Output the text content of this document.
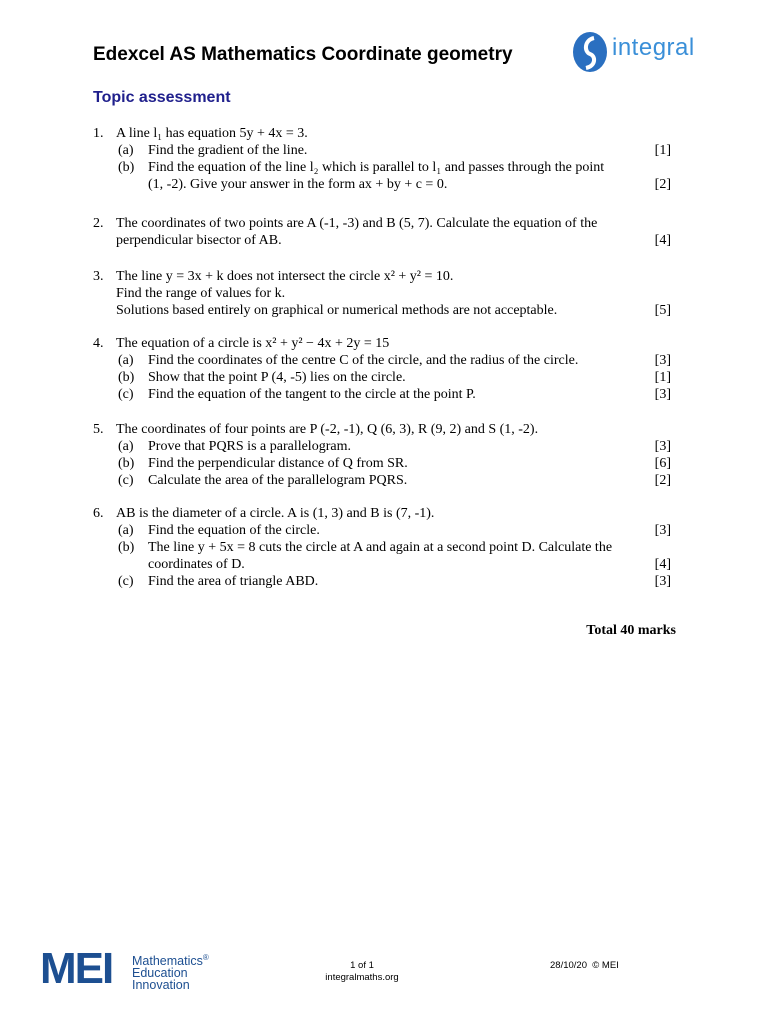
Edexcel AS Mathematics Coordinate geometry	integral
Topic assessment
1. A line l₁ has equation 5y + 4x = 3.
(a) Find the gradient of the line.	[1]
(b) Find the equation of the line l₂ which is parallel to l₁ and passes through the point
(1, -2). Give your answer in the form ax + by + c = 0.	[2]
2. The coordinates of two points are A (-1, -3) and B (5, 7). Calculate the equation of the
perpendicular bisector of AB.	[4]
3. The line y = 3x + k does not intersect the circle x² + y² = 10.
Find the range of values for k.
Solutions based entirely on graphical or numerical methods are not acceptable.	[5]
4. The equation of a circle is x² + y² − 4x + 2y = 15
(a) Find the coordinates of the centre C of the circle, and the radius of the circle.	[3]
(b) Show that the point P (4, -5) lies on the circle.	[1]
(c) Find the equation of the tangent to the circle at the point P.	[3]
5. The coordinates of four points are P (-2, -1), Q (6, 3), R (9, 2) and S (1, -2).
(a) Prove that PQRS is a parallelogram.	[3]
(b) Find the perpendicular distance of Q from SR.	[6]
(c) Calculate the area of the parallelogram PQRS.	[2]
6. AB is the diameter of a circle. A is (1, 3) and B is (7, -1).
(a) Find the equation of the circle.	[3]
(b) The line y + 5x = 8 cuts the circle at A and again at a second point D. Calculate the
coordinates of D.	[4]
(c) Find the area of triangle ABD.	[3]
Total 40 marks
MEI Mathematics®
Education
Innovation
1 of 1
integralmaths.org
28/10/20 © MEI
